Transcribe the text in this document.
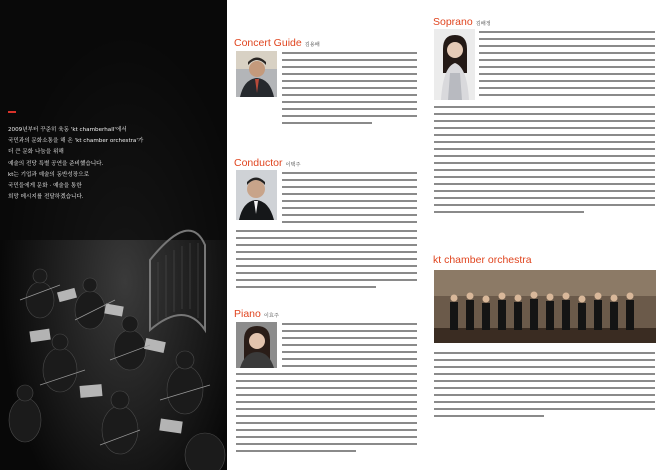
2009년부터 꾸준히 육동 'kt chamberhall'에서
국민과의 문화소통을 해 온 'kt chamber orchestra'가
더 큰 문화 나눔을 위해
예술의 전당 특별 공연을 준비했습니다.
kt는 기업과 예술의 동반성장으로
국민들에게 문화 · 예술을 통한
희망 메시지를 전달하겠습니다.
Concert Guide 김용배
Conductor 이택주
Piano 이효주
Soprano 김배정
kt chamber orchestra
